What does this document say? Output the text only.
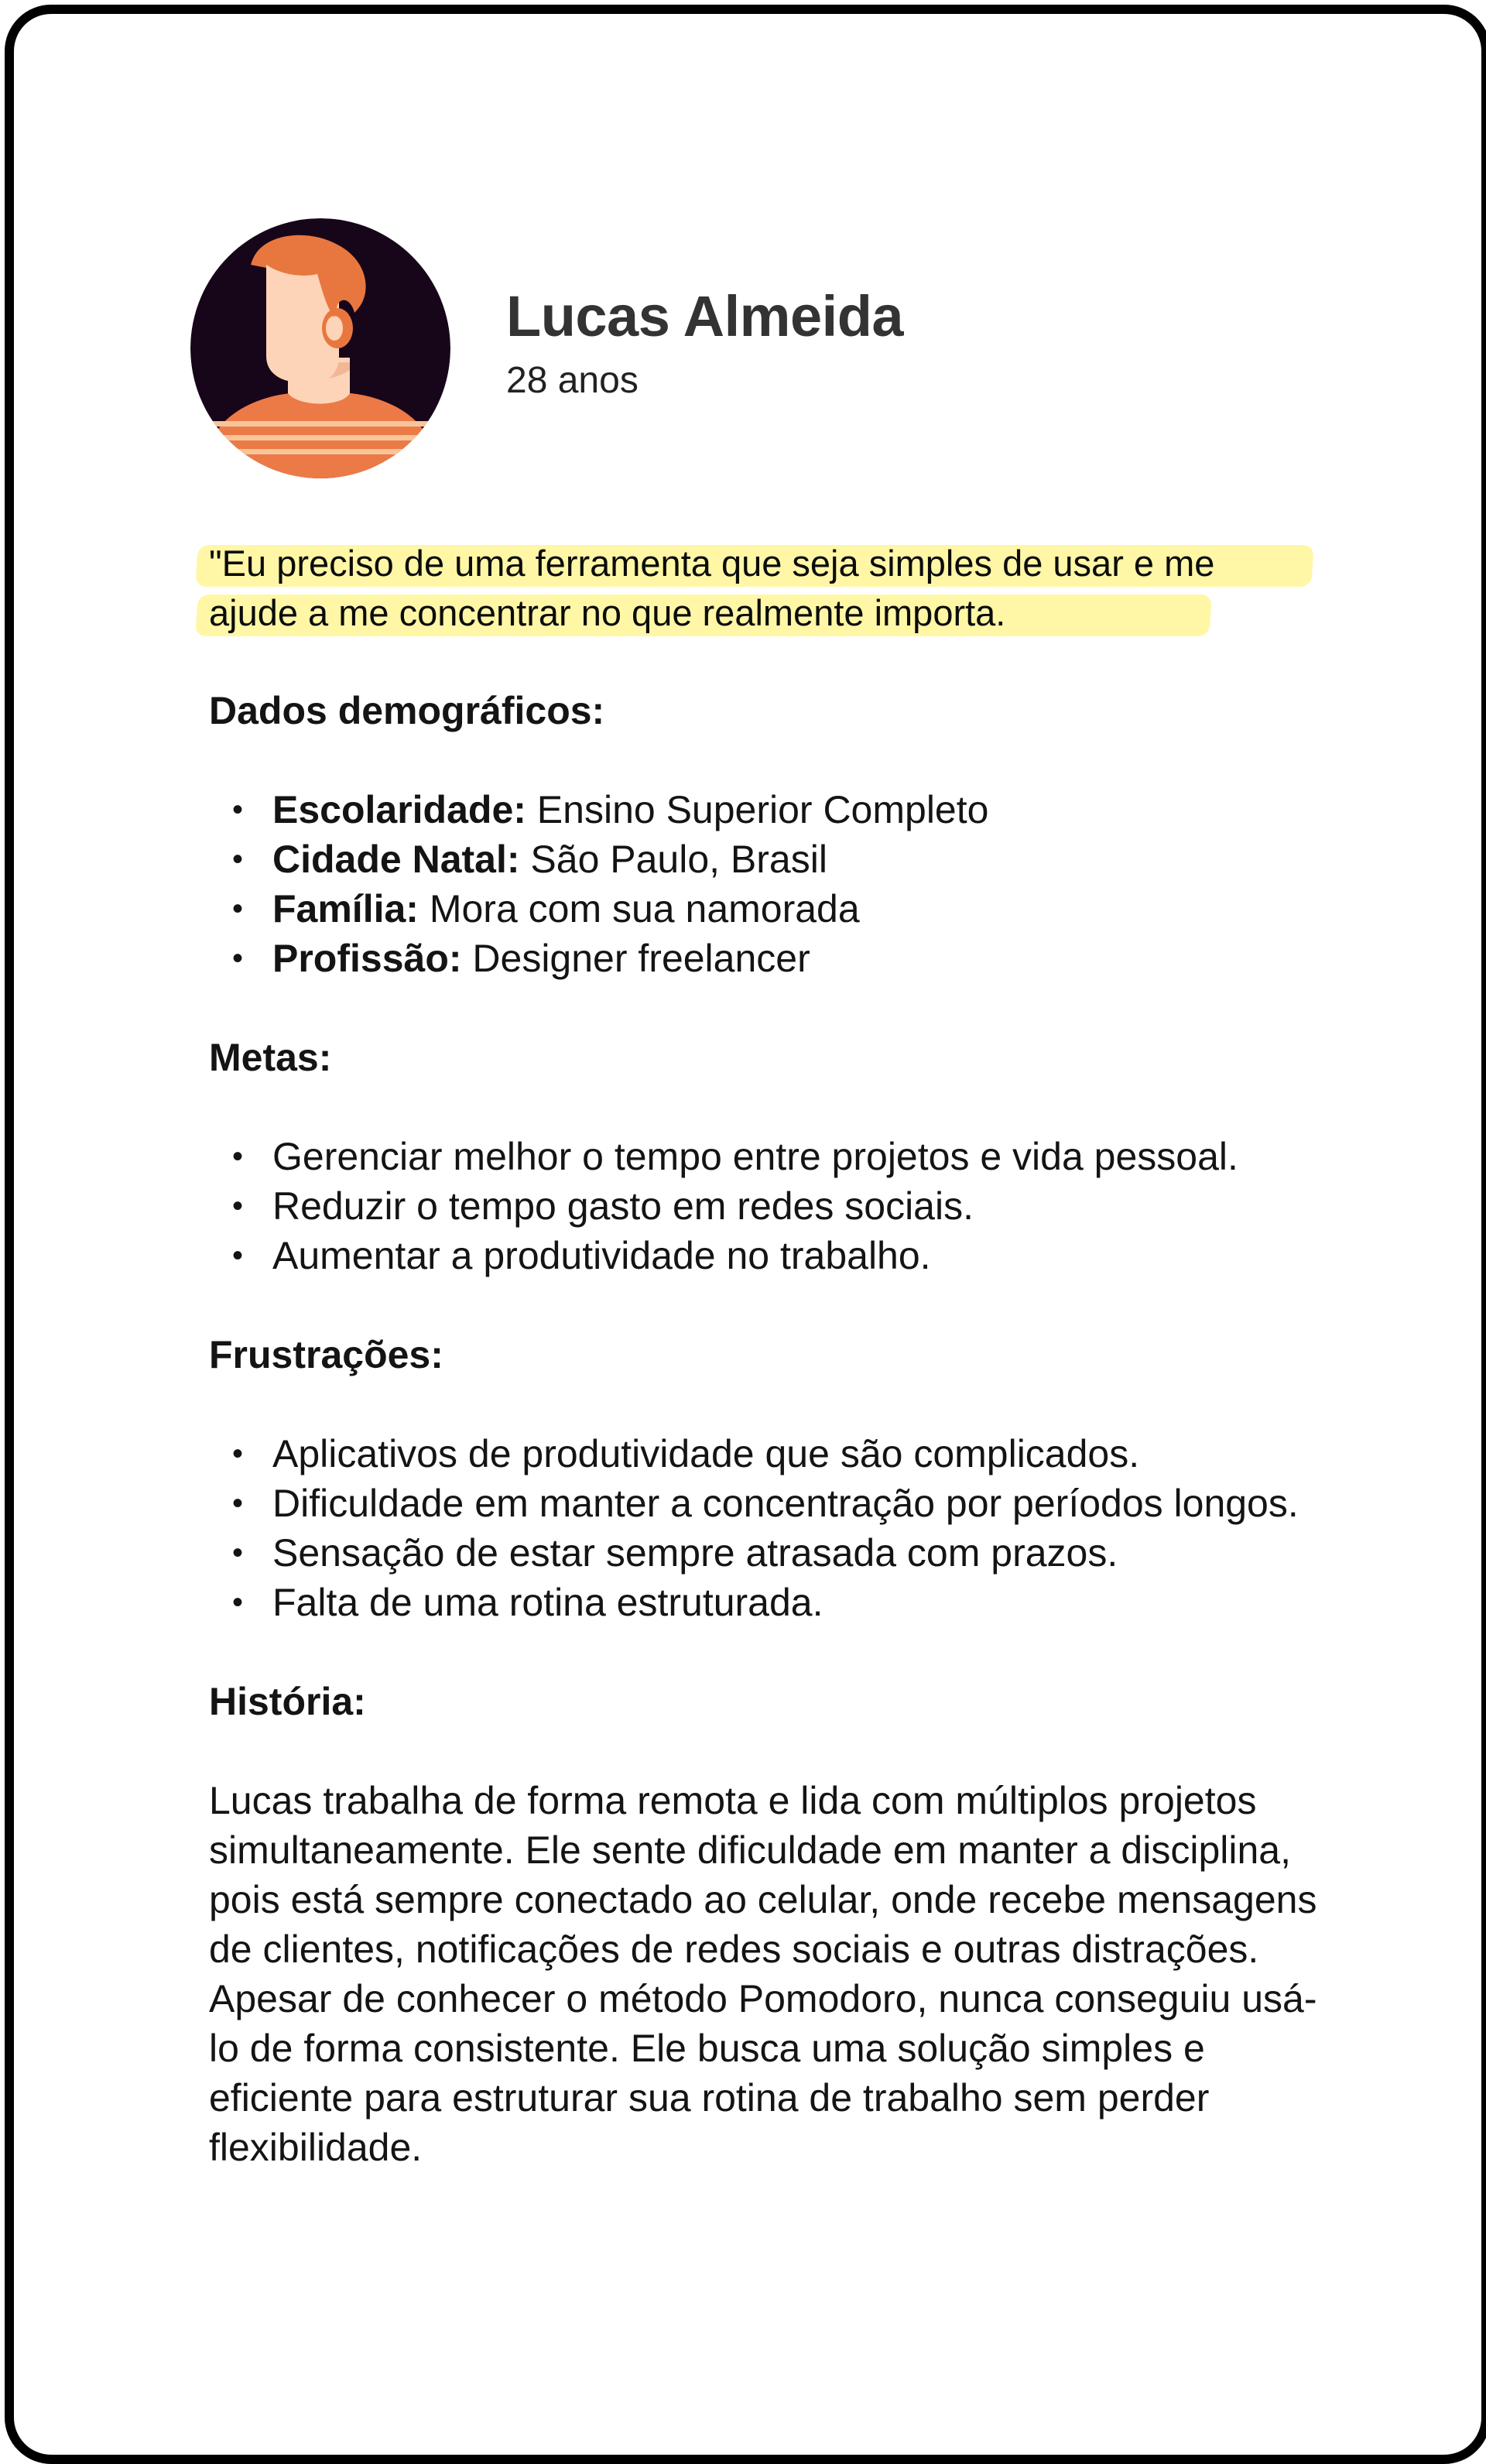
Lucas Almeida
28 anos

"Eu preciso de uma ferramenta que seja simples de usar e me ajude a me concentrar no que realmente importa.

Dados demográficos:
• Escolaridade: Ensino Superior Completo
• Cidade Natal: São Paulo, Brasil
• Família: Mora com sua namorada
• Profissão: Designer freelancer
Metas:
• Gerenciar melhor o tempo entre projetos e vida pessoal.
• Reduzir o tempo gasto em redes sociais.
• Aumentar a produtividade no trabalho.
Frustrações:
• Aplicativos de produtividade que são complicados.
• Dificuldade em manter a concentração por períodos longos.
• Sensação de estar sempre atrasada com prazos.
• Falta de uma rotina estruturada.
História:

Lucas trabalha de forma remota e lida com múltiplos projetos simultaneamente. Ele sente dificuldade em manter a disciplina, pois está sempre conectado ao celular, onde recebe mensagens de clientes, notificações de redes sociais e outras distrações. Apesar de conhecer o método Pomodoro, nunca conseguiu usá-lo de forma consistente. Ele busca uma solução simples e eficiente para estruturar sua rotina de trabalho sem perder flexibilidade.
